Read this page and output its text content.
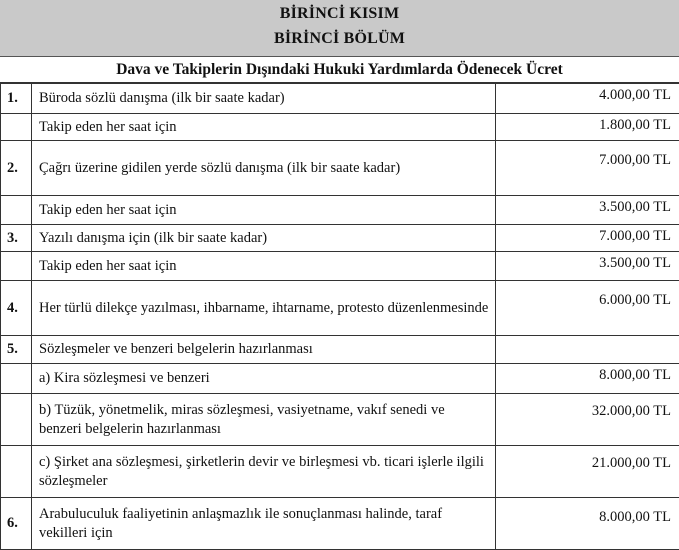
BİRİNCİ KISIM
BİRİNCİ BÖLÜM
Dava ve Takiplerin Dışındaki Hukuki Yardımlarda Ödenecek Ücret
1.	Büroda sözlü danışma (ilk bir saate kadar)	4.000,00 TL
	Takip eden her saat için	1.800,00 TL
2.	Çağrı üzerine gidilen yerde sözlü danışma (ilk bir saate kadar)	7.000,00 TL
	Takip eden her saat için	3.500,00 TL
3.	Yazılı danışma için (ilk bir saate kadar)	7.000,00 TL
	Takip eden her saat için	3.500,00 TL
4.	Her türlü dilekçe yazılması, ihbarname, ihtarname, protesto düzenlenmesinde	6.000,00 TL
5.	Sözleşmeler ve benzeri belgelerin hazırlanması	
	a) Kira sözleşmesi ve benzeri	8.000,00 TL
	b) Tüzük, yönetmelik, miras sözleşmesi, vasiyetname, vakıf senedi ve benzeri belgelerin hazırlanması	32.000,00 TL
	c) Şirket ana sözleşmesi, şirketlerin devir ve birleşmesi vb. ticari işlerle ilgili sözleşmeler	21.000,00 TL
6.	Arabuluculuk faaliyetinin anlaşmazlık ile sonuçlanması halinde, taraf vekilleri için	8.000,00 TL
